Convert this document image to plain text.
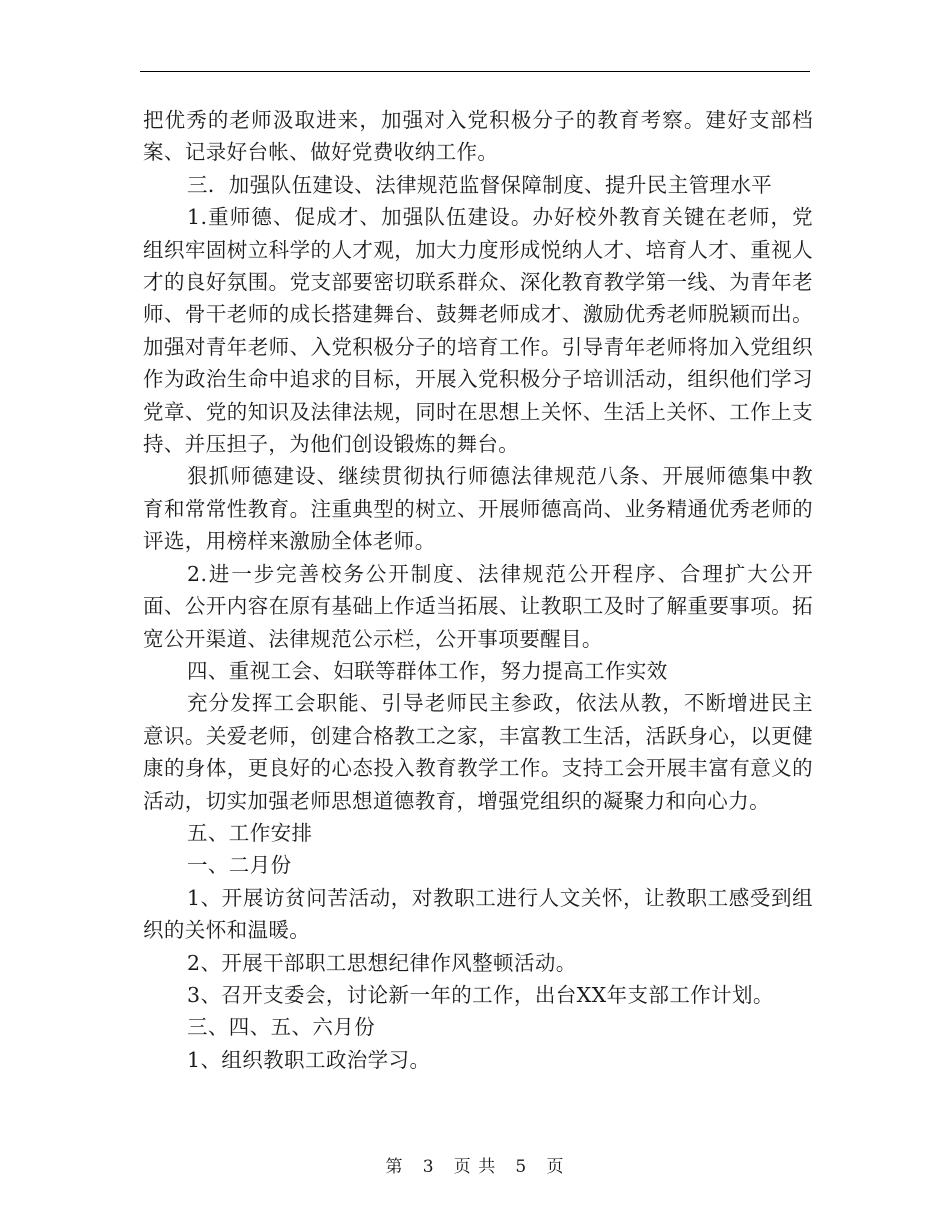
把优秀的老师汲取进来，加强对入党积极分子的教育考察。建好支部档案、记录好台帐、做好党费收纳工作。

三．加强队伍建设、法律规范监督保障制度、提升民主管理水平

1.重师德、促成才、加强队伍建设。办好校外教育关键在老师，党组织牢固树立科学的人才观，加大力度形成悦纳人才、培育人才、重视人才的良好氛围。党支部要密切联系群众、深化教育教学第一线、为青年老师、骨干老师的成长搭建舞台、鼓舞老师成才、激励优秀老师脱颖而出。加强对青年老师、入党积极分子的培育工作。引导青年老师将加入党组织作为政治生命中追求的目标，开展入党积极分子培训活动，组织他们学习党章、党的知识及法律法规，同时在思想上关怀、生活上关怀、工作上支持、并压担子，为他们创设锻炼的舞台。

狠抓师德建设、继续贯彻执行师德法律规范八条、开展师德集中教育和常常性教育。注重典型的树立、开展师德高尚、业务精通优秀老师的评选，用榜样来激励全体老师。

2.进一步完善校务公开制度、法律规范公开程序、合理扩大公开面、公开内容在原有基础上作适当拓展、让教职工及时了解重要事项。拓宽公开渠道、法律规范公示栏，公开事项要醒目。

四、重视工会、妇联等群体工作，努力提高工作实效

充分发挥工会职能、引导老师民主参政，依法从教，不断增进民主意识。关爱老师，创建合格教工之家，丰富教工生活，活跃身心，以更健康的身体，更良好的心态投入教育教学工作。支持工会开展丰富有意义的活动，切实加强老师思想道德教育，增强党组织的凝聚力和向心力。

五、工作安排

一、二月份

1、开展访贫问苦活动，对教职工进行人文关怀，让教职工感受到组织的关怀和温暖。

2、开展干部职工思想纪律作风整顿活动。

3、召开支委会，讨论新一年的工作，出台XX年支部工作计划。

三、四、五、六月份

1、组织教职工政治学习。

第 3 页 共 5 页
